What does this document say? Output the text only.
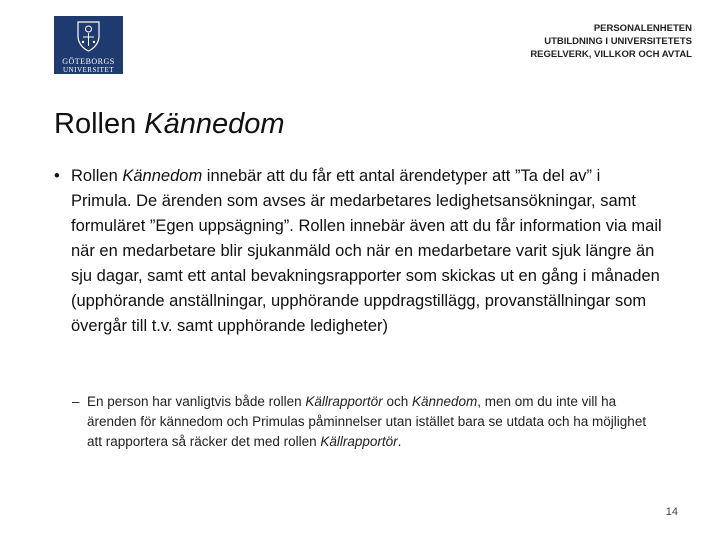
GÖTEBORGS
UNIVERSITET
PERSONALENHETEN
UTBILDNING I UNIVERSITETETS
REGELVERK, VILLKOR OCH AVTAL
Rollen Kännedom
• Rollen Kännedom innebär att du får ett antal ärendetyper att ”Ta del av” i Primula. De ärenden som avses är medarbetares ledighetsansökningar, samt formuläret ”Egen uppsägning”. Rollen innebär även att du får information via mail när en medarbetare blir sjukanmäld och när en medarbetare varit sjuk längre än sju dagar, samt ett antal bevakningsrapporter som skickas ut en gång i månaden (upphörande anställningar, upphörande uppdragstillägg, provanställningar som övergår till t.v. samt upphörande ledigheter)
– En person har vanligtvis både rollen Källrapportör och Kännedom, men om du inte vill ha ärenden för kännedom och Primulas påminnelser utan istället bara se utdata och ha möjlighet att rapportera så räcker det med rollen Källrapportör.
14
